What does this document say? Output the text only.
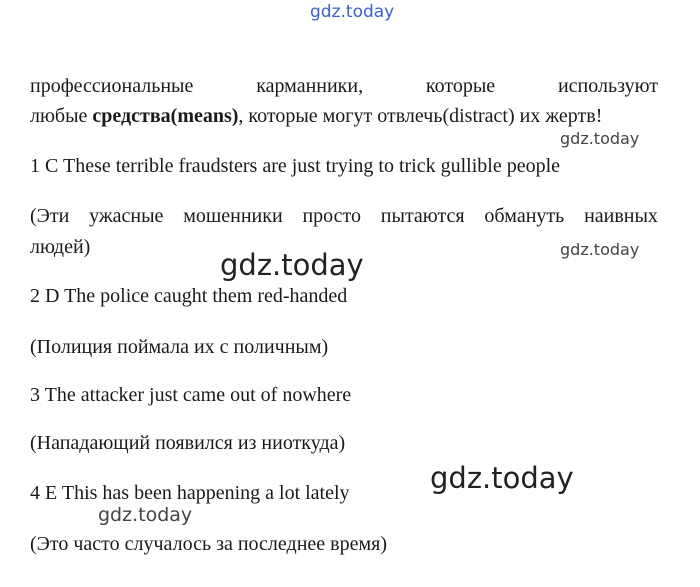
gdz.today
профессиональные	карманники,	которые	используют
любые средства(means), которые могут отвлечь(distract) их жертв!
gdz.today
1 C These terrible fraudsters are just trying to trick gullible people
(Эти ужасные мошенники просто пытаются обмануть наивных
людей)	gdz.today
gdz.today
2 D The police caught them red-handed
(Полиция поймала их с поличным)
3 The attacker just came out of nowhere
(Нападающий появился из ниоткуда)
gdz.today
4 E This has been happening a lot lately
gdz.today
(Это часто случалось за последнее время)
